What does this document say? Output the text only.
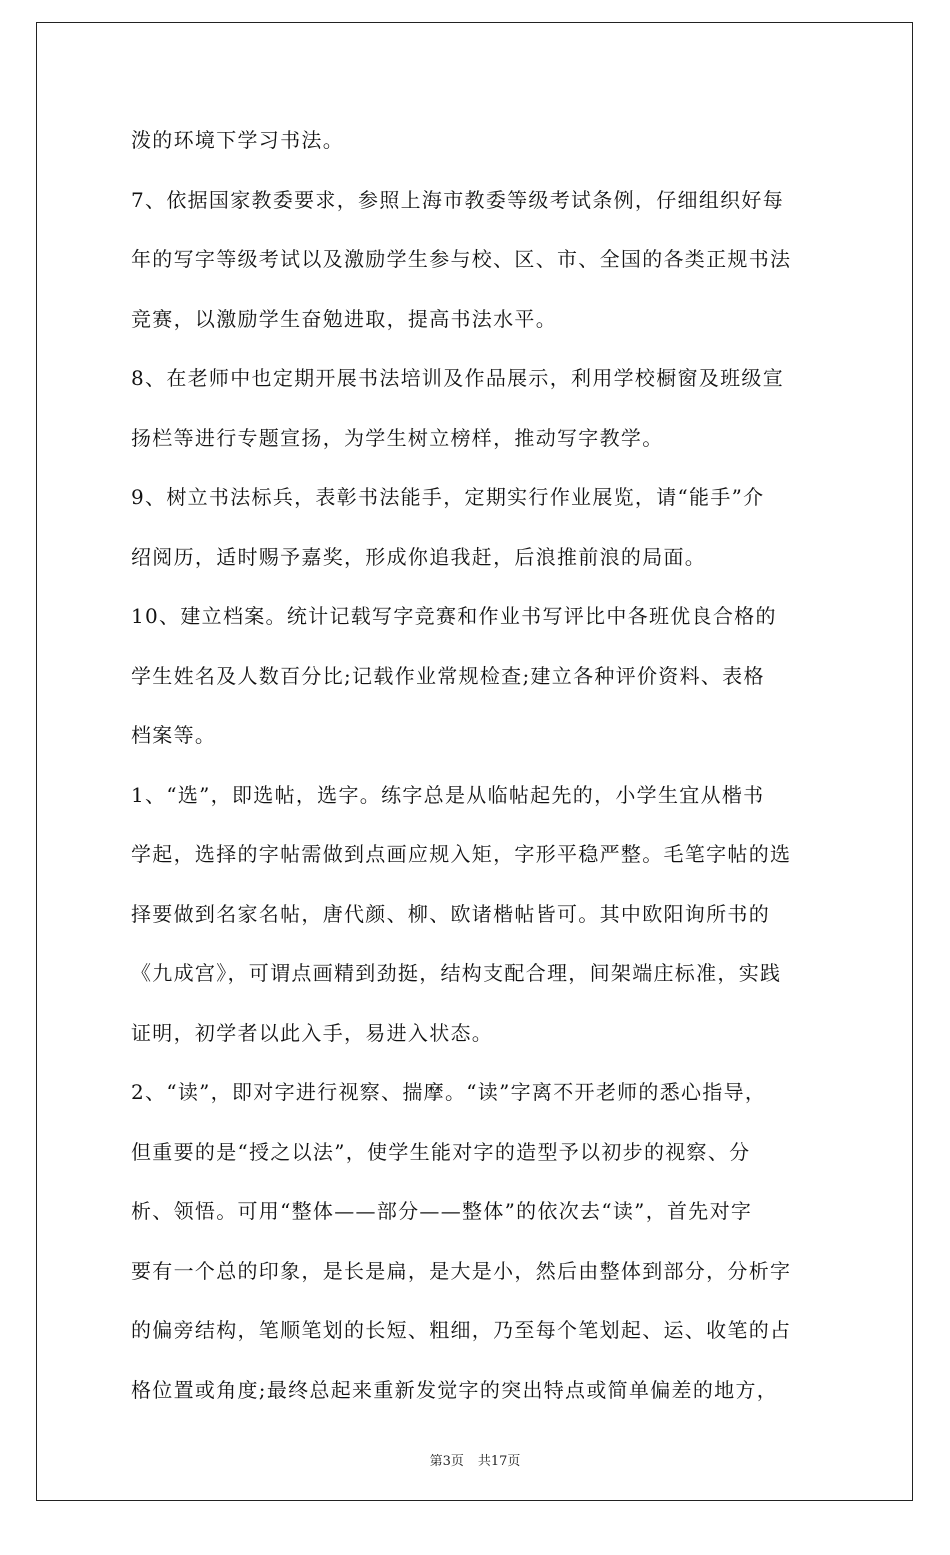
泼的环境下学习书法。
7、依据国家教委要求，参照上海市教委等级考试条例，仔细组织好每
年的写字等级考试以及激励学生参与校、区、市、全国的各类正规书法
竞赛，以激励学生奋勉进取，提高书法水平。
8、在老师中也定期开展书法培训及作品展示，利用学校橱窗及班级宣
扬栏等进行专题宣扬，为学生树立榜样，推动写字教学。
9、树立书法标兵，表彰书法能手，定期实行作业展览，请“能手”介
绍阅历，适时赐予嘉奖，形成你追我赶，后浪推前浪的局面。
10、建立档案。统计记载写字竞赛和作业书写评比中各班优良合格的
学生姓名及人数百分比;记载作业常规检查;建立各种评价资料、表格
档案等。
1、“选”，即选帖，选字。练字总是从临帖起先的，小学生宜从楷书
学起，选择的字帖需做到点画应规入矩，字形平稳严整。毛笔字帖的选
择要做到名家名帖，唐代颜、柳、欧诸楷帖皆可。其中欧阳询所书的
《九成宫》，可谓点画精到劲挺，结构支配合理，间架端庄标准，实践
证明，初学者以此入手，易进入状态。
2、“读”，即对字进行视察、揣摩。“读”字离不开老师的悉心指导，
但重要的是“授之以法”，使学生能对字的造型予以初步的视察、分
析、领悟。可用“整体——部分——整体”的依次去“读”，首先对字
要有一个总的印象，是长是扁，是大是小，然后由整体到部分，分析字
的偏旁结构，笔顺笔划的长短、粗细，乃至每个笔划起、运、收笔的占
格位置或角度;最终总起来重新发觉字的突出特点或简单偏差的地方，
第3页 共17页
